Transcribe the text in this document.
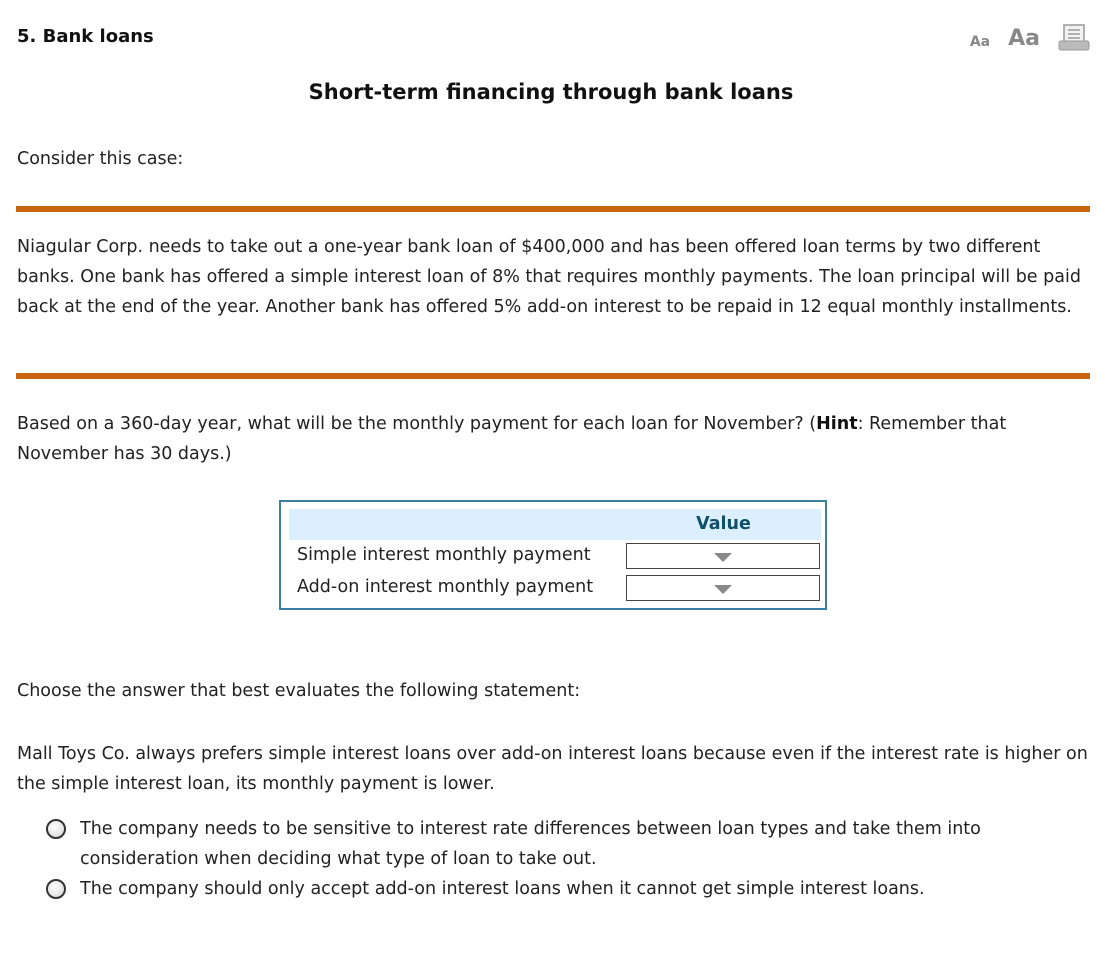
5. Bank loans	Aa Aa
Short-term financing through bank loans
Consider this case:
Niagular Corp. needs to take out a one-year bank loan of $400,000 and has been offered loan terms by two different banks. One bank has offered a simple interest loan of 8% that requires monthly payments. The loan principal will be paid back at the end of the year. Another bank has offered 5% add-on interest to be repaid in 12 equal monthly installments.
Based on a 360-day year, what will be the monthly payment for each loan for November? (Hint: Remember that November has 30 days.)
Value
Simple interest monthly payment
Add-on interest monthly payment
Choose the answer that best evaluates the following statement:
Mall Toys Co. always prefers simple interest loans over add-on interest loans because even if the interest rate is higher on the simple interest loan, its monthly payment is lower.
The company needs to be sensitive to interest rate differences between loan types and take them into consideration when deciding what type of loan to take out.
The company should only accept add-on interest loans when it cannot get simple interest loans.
